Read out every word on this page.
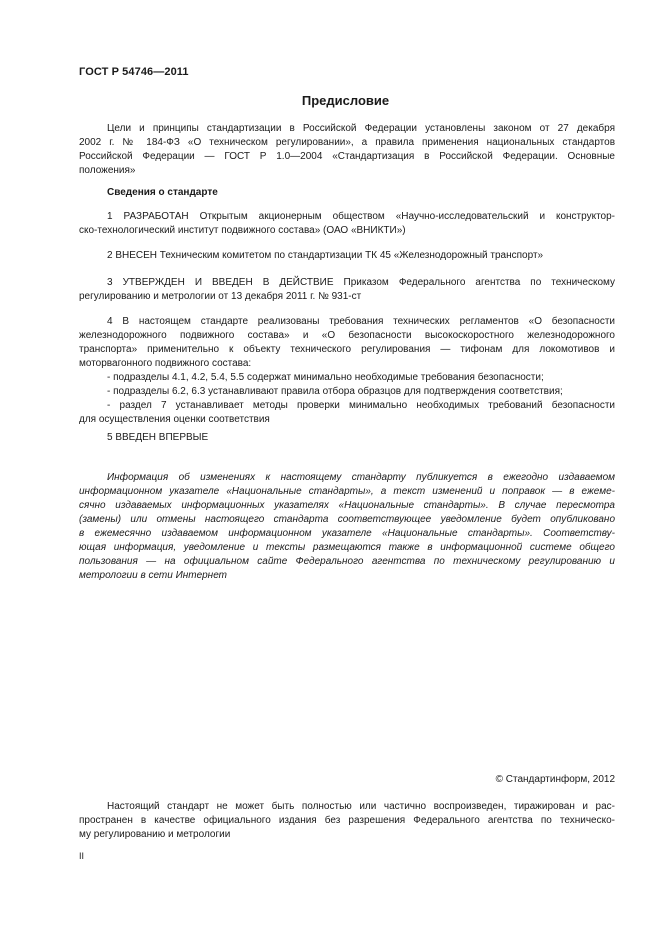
ГОСТ Р 54746—2011
Предисловие
Цели и принципы стандартизации в Российской Федерации установлены законом от 27 декабря
2002 г. № 184-ФЗ «О техническом регулировании», а правила применения национальных стандартов
Российской Федерации — ГОСТ Р 1.0—2004 «Стандартизация в Российской Федерации. Основные
положения»
Сведения о стандарте
1 РАЗРАБОТАН Открытым акционерным обществом «Научно-исследовательский и конструктор-
ско-технологический институт подвижного состава» (ОАО «ВНИКТИ»)
2 ВНЕСЕН Техническим комитетом по стандартизации ТК 45 «Железнодорожный транспорт»
3 УТВЕРЖДЕН И ВВЕДЕН В ДЕЙСТВИЕ Приказом Федерального агентства по техническому
регулированию и метрологии от 13 декабря 2011 г. № 931-ст
4 В настоящем стандарте реализованы требования технических регламентов «О безопасности
железнодорожного подвижного состава» и «О безопасности высокоскоростного железнодорожного
транспорта» применительно к объекту технического регулирования — тифонам для локомотивов и
моторвагонного подвижного состава:
- подразделы 4.1, 4.2, 5.4, 5.5 содержат минимально необходимые требования безопасности;
- подразделы 6.2, 6.3 устанавливают правила отбора образцов для подтверждения соответствия;
- раздел 7 устанавливает методы проверки минимально необходимых требований безопасности
для осуществления оценки соответствия
5 ВВЕДЕН ВПЕРВЫЕ
Информация об изменениях к настоящему стандарту публикуется в ежегодно издаваемом
информационном указателе «Национальные стандарты», а текст изменений и поправок — в ежеме-
сячно издаваемых информационных указателях «Национальные стандарты». В случае пересмотра
(замены) или отмены настоящего стандарта соответствующее уведомление будет опубликовано
в ежемесячно издаваемом информационном указателе «Национальные стандарты». Соответству-
ющая информация, уведомление и тексты размещаются также в информационной системе общего
пользования — на официальном сайте Федерального агентства по техническому регулированию и
метрологии в сети Интернет
© Стандартинформ, 2012
Настоящий стандарт не может быть полностью или частично воспроизведен, тиражирован и рас-
пространен в качестве официального издания без разрешения Федерального агентства по техническо-
му регулированию и метрологии
II
